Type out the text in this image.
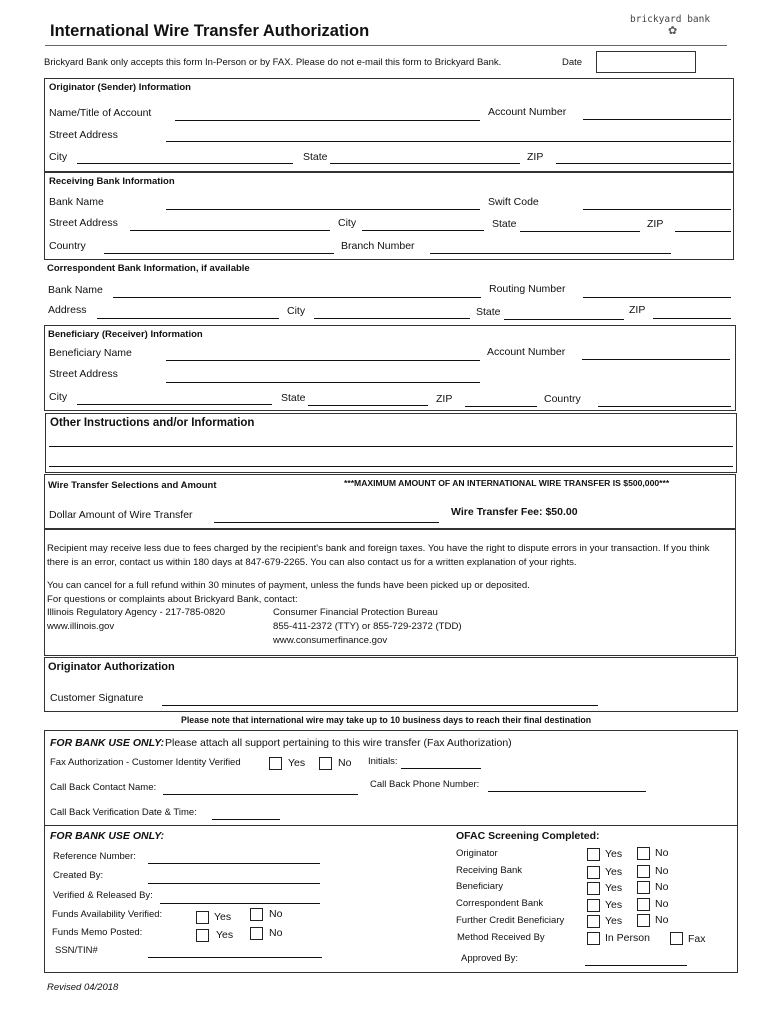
International Wire Transfer Authorization
brickyard bank
✿
Brickyard Bank only accepts this form In-Person or by FAX. Please do not e-mail this form to Brickyard Bank.	Date
Originator (Sender) Information
Name/Title of Account	Account Number
Street Address
City	State	ZIP
Receiving Bank Information
Bank Name	Swift Code
Street Address	City	State	ZIP
Country	Branch Number
Correspondent Bank Information, if available
Bank Name	Routing Number
Address	City	State	ZIP
Beneficiary (Receiver) Information
Beneficiary Name	Account Number
Street Address
City	State	ZIP	Country
Other Instructions and/or Information
Wire Transfer Selections and Amount	***MAXIMUM AMOUNT OF AN INTERNATIONAL WIRE TRANSFER IS $500,000***
Dollar Amount of Wire Transfer	Wire Transfer Fee: $50.00
Recipient may receive less due to fees charged by the recipient's bank and foreign taxes. You have the right to dispute errors in your transaction. If you think there is an error, contact us within 180 days at 847-679-2265. You can also contact us for a written explanation of your rights.
You can cancel for a full refund within 30 minutes of payment, unless the funds have been picked up or deposited.
For questions or complaints about Brickyard Bank, contact:
Illinois Regulatory Agency - 217-785-0820
www.illinois.gov
Consumer Financial Protection Bureau
855-411-2372 (TTY) or 855-729-2372 (TDD)
www.consumerfinance.gov
Originator Authorization
Customer Signature
Please note that international wire may take up to 10 business days to reach their final destination
FOR BANK USE ONLY: Please attach all support pertaining to this wire transfer (Fax Authorization)
Fax Authorization - Customer Identity Verified	Yes	No Initials:
Call Back Contact Name:	Call Back Phone Number:
Call Back Verification Date & Time:
FOR BANK USE ONLY:
Reference Number:
Created By:
Verified & Released By:
Funds Availability Verified:	Yes	No
Funds Memo Posted:	Yes	No
SSN/TIN#
OFAC Screening Completed:
Originator	Yes	No
Receiving Bank	Yes	No
Beneficiary	Yes	No
Correspondent Bank	Yes	No
Further Credit Beneficiary	Yes	No
Method Received By	In Person	Fax
Approved By:
Revised 04/2018
